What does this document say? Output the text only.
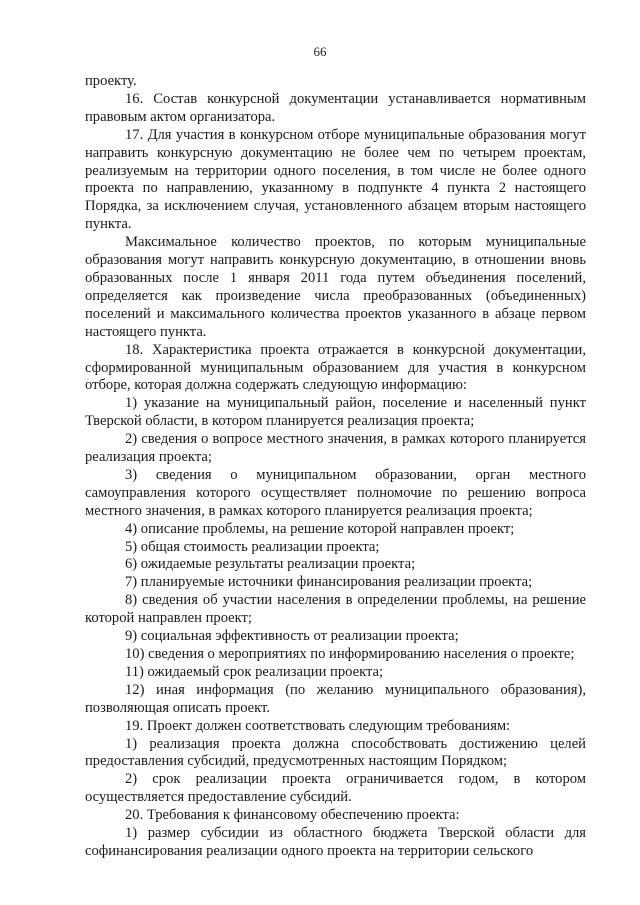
66

проекту.

16. Состав конкурсной документации устанавливается нормативным правовым актом организатора.

17. Для участия в конкурсном отборе муниципальные образования могут направить конкурсную документацию не более чем по четырем проектам, реализуемым на территории одного поселения, в том числе не более одного проекта по направлению, указанному в подпункте 4 пункта 2 настоящего Порядка, за исключением случая, установленного абзацем вторым настоящего пункта.

Максимальное количество проектов, по которым муниципальные образования могут направить конкурсную документацию, в отношении вновь образованных после 1 января 2011 года путем объединения поселений, определяется как произведение числа преобразованных (объединенных) поселений и максимального количества проектов указанного в абзаце первом настоящего пункта.

18. Характеристика проекта отражается в конкурсной документации, сформированной муниципальным образованием для участия в конкурсном отборе, которая должна содержать следующую информацию:

1) указание на муниципальный район, поселение и населенный пункт Тверской области, в котором планируется реализация проекта;

2) сведения о вопросе местного значения, в рамках которого планируется реализация проекта;

3) сведения о муниципальном образовании, орган местного самоуправления которого осуществляет полномочие по решению вопроса местного значения, в рамках которого планируется реализация проекта;

4) описание проблемы, на решение которой направлен проект;

5) общая стоимость реализации проекта;

6) ожидаемые результаты реализации проекта;

7) планируемые источники финансирования реализации проекта;

8) сведения об участии населения в определении проблемы, на решение которой направлен проект;

9) социальная эффективность от реализации проекта;

10) сведения о мероприятиях по информированию населения о проекте;

11) ожидаемый срок реализации проекта;

12) иная информация (по желанию муниципального образования), позволяющая описать проект.

19. Проект должен соответствовать следующим требованиям:

1) реализация проекта должна способствовать достижению целей предоставления субсидий, предусмотренных настоящим Порядком;

2) срок реализации проекта ограничивается годом, в котором осуществляется предоставление субсидий.

20. Требования к финансовому обеспечению проекта:

1) размер субсидии из областного бюджета Тверской области для софинансирования реализации одного проекта на территории сельского
